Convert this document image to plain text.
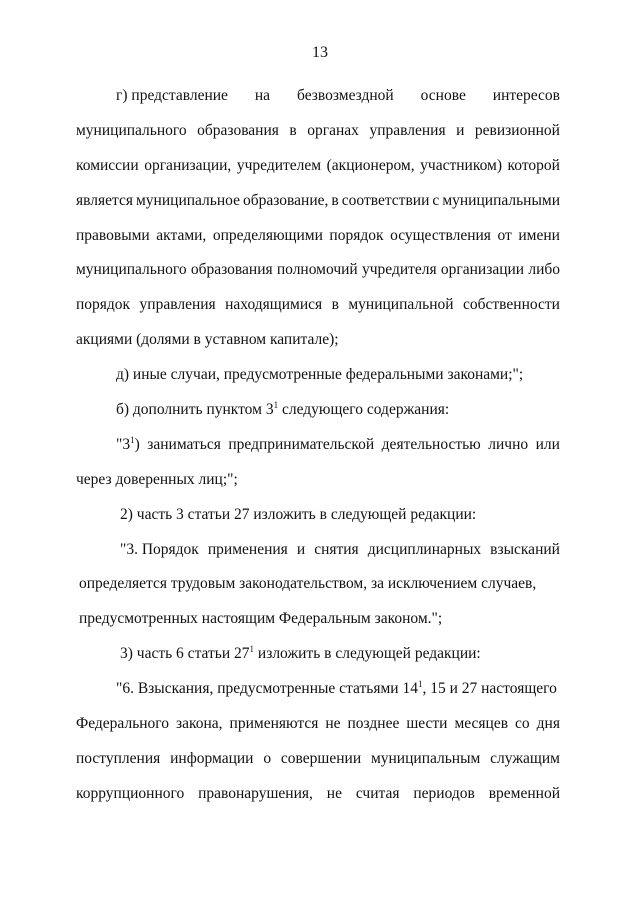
13
г) представление на безвозмездной основе интересов
муниципального образования в органах управления и ревизионной
комиссии организации, учредителем (акционером, участником) которой
является муниципальное образование, в соответствии с муниципальными
правовыми актами, определяющими порядок осуществления от имени
муниципального образования полномочий учредителя организации либо
порядок управления находящимися в муниципальной собственности
акциями (долями в уставном капитале);
д) иные случаи, предусмотренные федеральными законами;";
б) дополнить пунктом $3^1$ следующего содержания:
"$3^1$) заниматься предпринимательской деятельностью лично или
через доверенных лиц;";
2) часть 3 статьи 27 изложить в следующей редакции:
"3. Порядок применения и снятия дисциплинарных взысканий
определяется трудовым законодательством, за исключением случаев,
предусмотренных настоящим Федеральным законом.";
3) часть 6 статьи $27^1$ изложить в следующей редакции:
"6. Взыскания, предусмотренные статьями $14^1$, 15 и 27 настоящего
Федерального закона, применяются не позднее шести месяцев со дня
поступления информации о совершении муниципальным служащим
коррупционного правонарушения, не считая периодов временной
